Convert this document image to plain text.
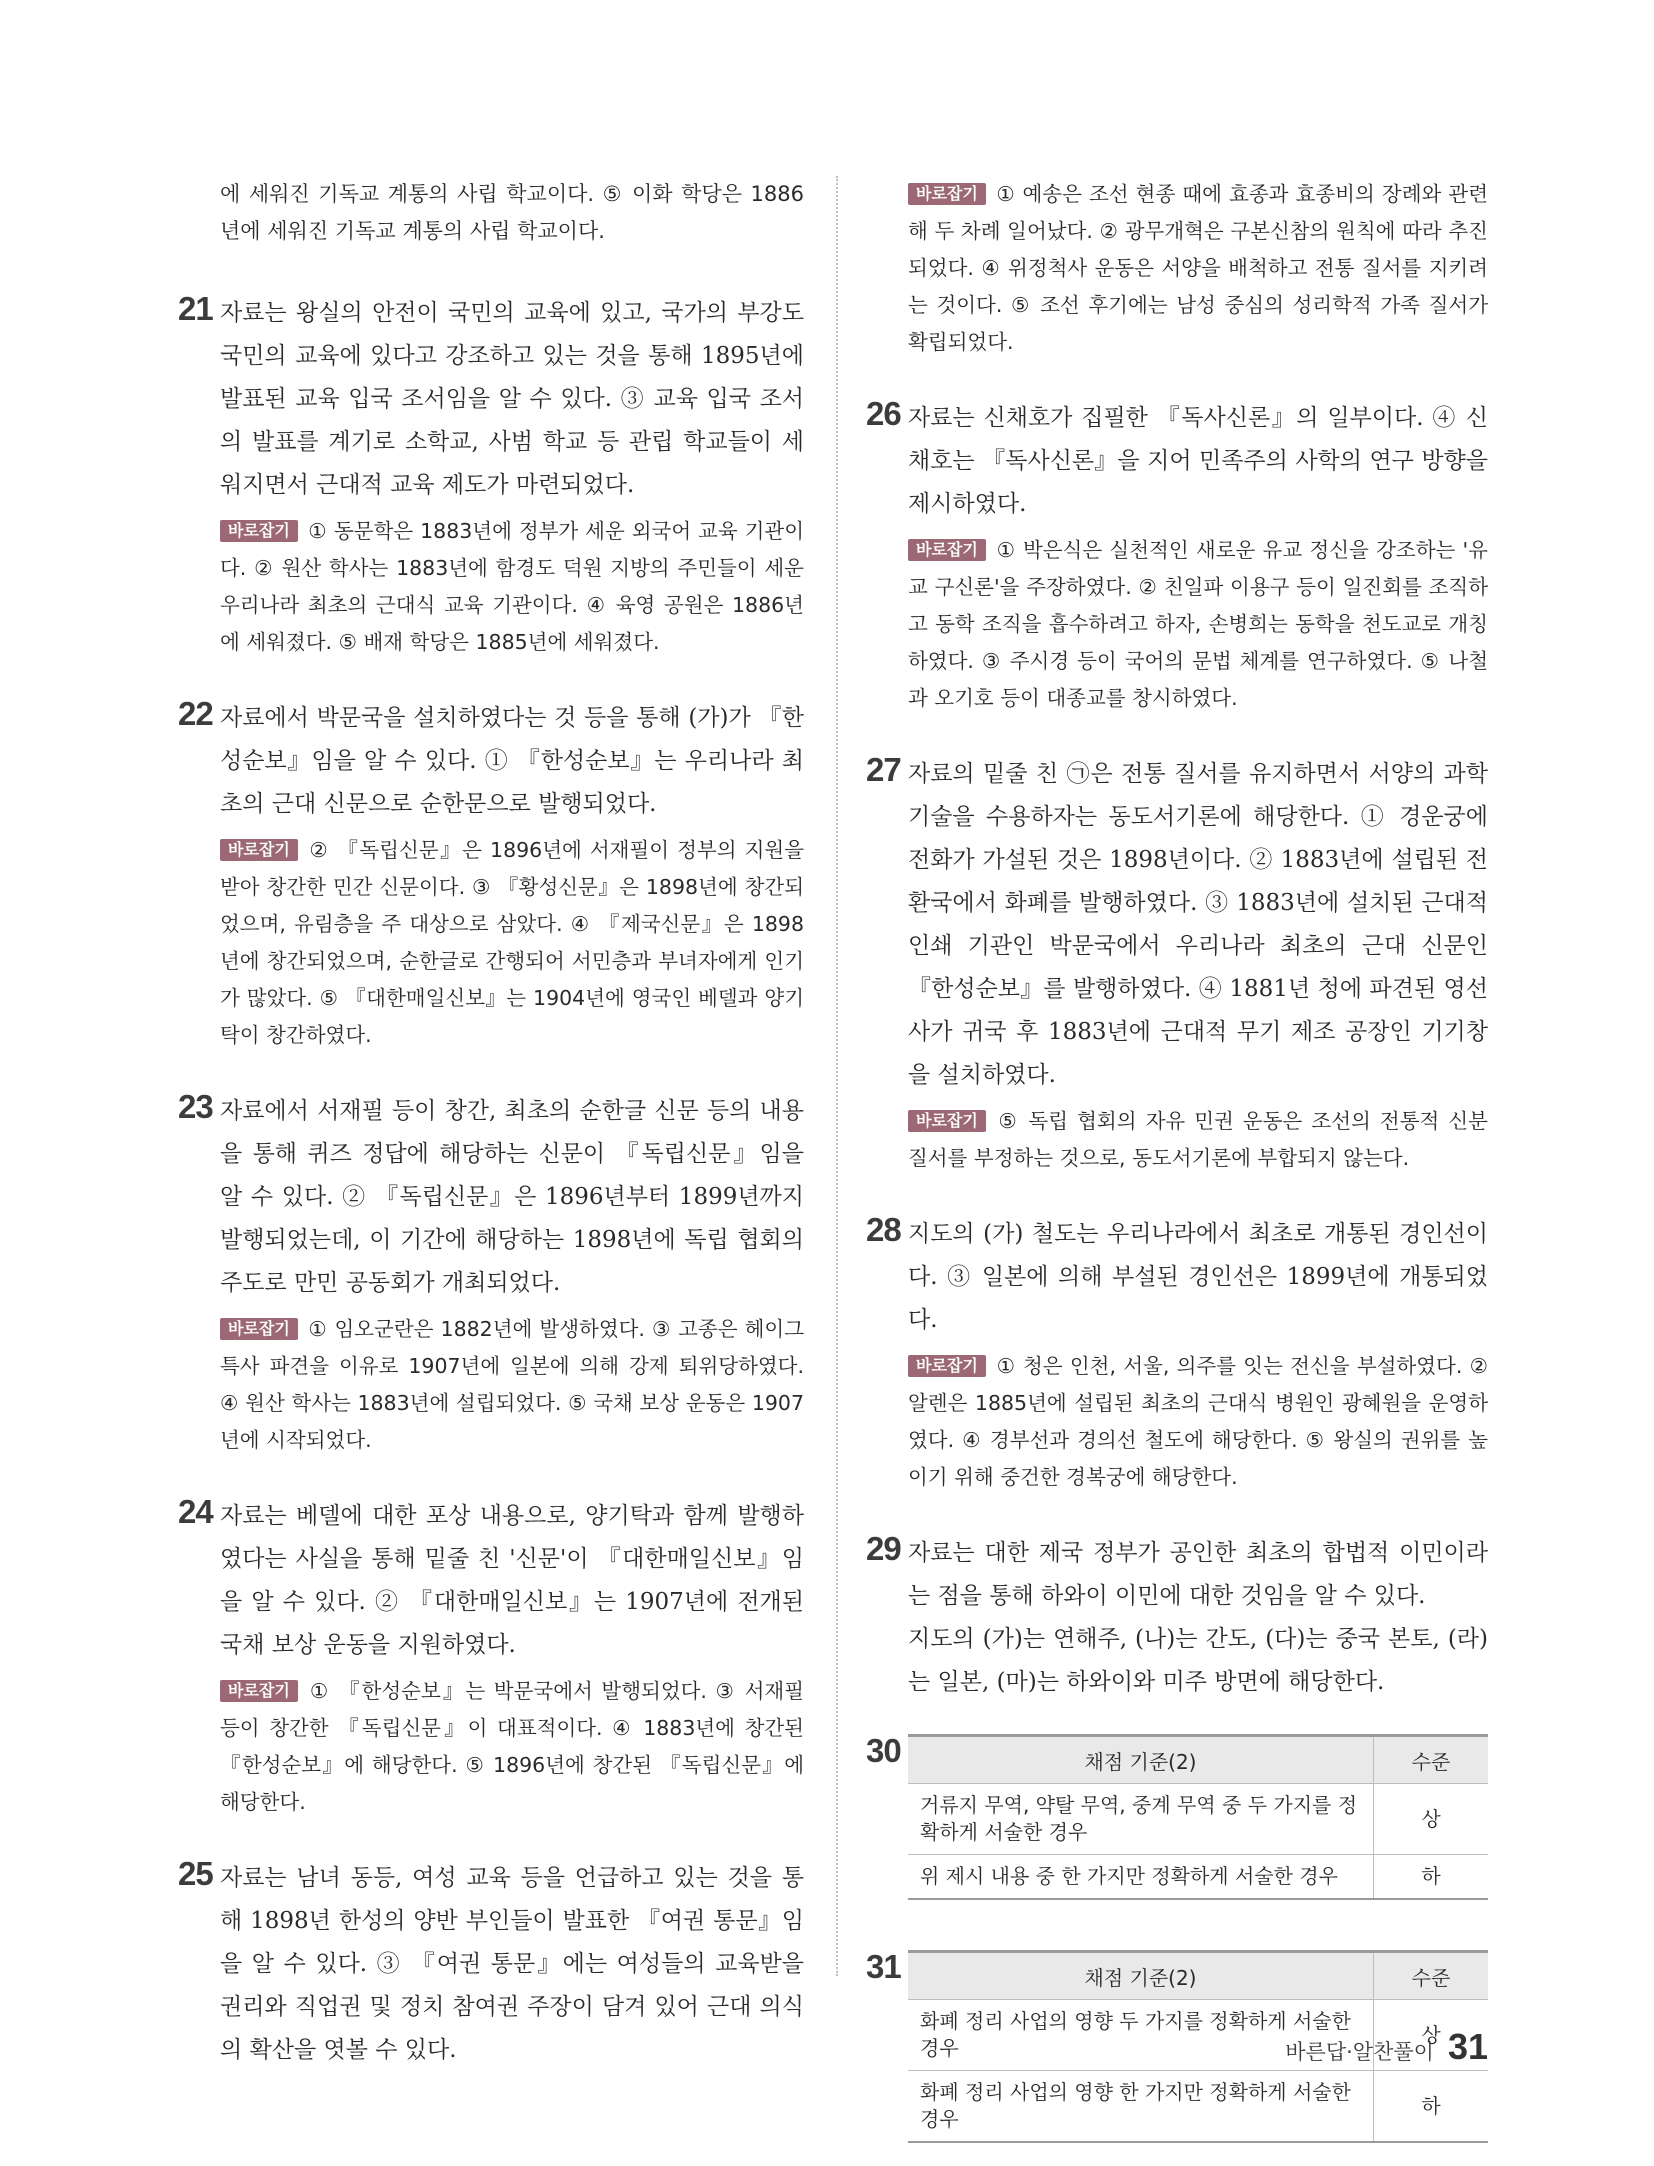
에 세워진 기독교 계통의 사립 학교이다. ⑤ 이화 학당은 1886년에 세워진 기독교 계통의 사립 학교이다.

21 자료는 왕실의 안전이 국민의 교육에 있고, 국가의 부강도 국민의 교육에 있다고 강조하고 있는 것을 통해 1895년에 발표된 교육 입국 조서임을 알 수 있다. ③ 교육 입국 조서의 발표를 계기로 소학교, 사범 학교 등 관립 학교들이 세워지면서 근대적 교육 제도가 마련되었다.

바로잡기 ① 동문학은 1883년에 정부가 세운 외국어 교육 기관이다. ② 원산 학사는 1883년에 함경도 덕원 지방의 주민들이 세운 우리나라 최초의 근대식 교육 기관이다. ④ 육영 공원은 1886년에 세워졌다. ⑤ 배재 학당은 1885년에 세워졌다.

22 자료에서 박문국을 설치하였다는 것 등을 통해 (가)가 『한성순보』임을 알 수 있다. ① 『한성순보』는 우리나라 최초의 근대 신문으로 순한문으로 발행되었다.

바로잡기 ② 『독립신문』은 1896년에 서재필이 정부의 지원을 받아 창간한 민간 신문이다. ③ 『황성신문』은 1898년에 창간되었으며, 유림층을 주 대상으로 삼았다. ④ 『제국신문』은 1898년에 창간되었으며, 순한글로 간행되어 서민층과 부녀자에게 인기가 많았다. ⑤ 『대한매일신보』는 1904년에 영국인 베델과 양기탁이 창간하였다.

23 자료에서 서재필 등이 창간, 최초의 순한글 신문 등의 내용을 통해 퀴즈 정답에 해당하는 신문이 『독립신문』임을 알 수 있다. ② 『독립신문』은 1896년부터 1899년까지 발행되었는데, 이 기간에 해당하는 1898년에 독립 협회의 주도로 만민 공동회가 개최되었다.

바로잡기 ① 임오군란은 1882년에 발생하였다. ③ 고종은 헤이그 특사 파견을 이유로 1907년에 일본에 의해 강제 퇴위당하였다. ④ 원산 학사는 1883년에 설립되었다. ⑤ 국채 보상 운동은 1907년에 시작되었다.

24 자료는 베델에 대한 포상 내용으로, 양기탁과 함께 발행하였다는 사실을 통해 밑줄 친 '신문'이 『대한매일신보』임을 알 수 있다. ② 『대한매일신보』는 1907년에 전개된 국채 보상 운동을 지원하였다.

바로잡기 ① 『한성순보』는 박문국에서 발행되었다. ③ 서재필 등이 창간한 『독립신문』이 대표적이다. ④ 1883년에 창간된 『한성순보』에 해당한다. ⑤ 1896년에 창간된 『독립신문』에 해당한다.

25 자료는 남녀 동등, 여성 교육 등을 언급하고 있는 것을 통해 1898년 한성의 양반 부인들이 발표한 『여권 통문』임을 알 수 있다. ③ 『여권 통문』에는 여성들의 교육받을 권리와 직업권 및 정치 참여권 주장이 담겨 있어 근대 의식의 확산을 엿볼 수 있다.

바로잡기 ① 예송은 조선 현종 때에 효종과 효종비의 장례와 관련해 두 차례 일어났다. ② 광무개혁은 구본신참의 원칙에 따라 추진되었다. ④ 위정척사 운동은 서양을 배척하고 전통 질서를 지키려는 것이다. ⑤ 조선 후기에는 남성 중심의 성리학적 가족 질서가 확립되었다.

26 자료는 신채호가 집필한 『독사신론』의 일부이다. ④ 신채호는 『독사신론』을 지어 민족주의 사학의 연구 방향을 제시하였다.

바로잡기 ① 박은식은 실천적인 새로운 유교 정신을 강조하는 '유교 구신론'을 주장하였다. ② 친일파 이용구 등이 일진회를 조직하고 동학 조직을 흡수하려고 하자, 손병희는 동학을 천도교로 개칭하였다. ③ 주시경 등이 국어의 문법 체계를 연구하였다. ⑤ 나철과 오기호 등이 대종교를 창시하였다.

27 자료의 밑줄 친 ㉠은 전통 질서를 유지하면서 서양의 과학 기술을 수용하자는 동도서기론에 해당한다. ① 경운궁에 전화가 가설된 것은 1898년이다. ② 1883년에 설립된 전환국에서 화폐를 발행하였다. ③ 1883년에 설치된 근대적 인쇄 기관인 박문국에서 우리나라 최초의 근대 신문인 『한성순보』를 발행하였다. ④ 1881년 청에 파견된 영선사가 귀국 후 1883년에 근대적 무기 제조 공장인 기기창을 설치하였다.

바로잡기 ⑤ 독립 협회의 자유 민권 운동은 조선의 전통적 신분 질서를 부정하는 것으로, 동도서기론에 부합되지 않는다.

28 지도의 (가) 철도는 우리나라에서 최초로 개통된 경인선이다. ③ 일본에 의해 부설된 경인선은 1899년에 개통되었다.

바로잡기 ① 청은 인천, 서울, 의주를 잇는 전신을 부설하였다. ② 알렌은 1885년에 설립된 최초의 근대식 병원인 광혜원을 운영하였다. ④ 경부선과 경의선 철도에 해당한다. ⑤ 왕실의 권위를 높이기 위해 중건한 경복궁에 해당한다.

29 자료는 대한 제국 정부가 공인한 최초의 합법적 이민이라는 점을 통해 하와이 이민에 대한 것임을 알 수 있다.

지도의 (가)는 연해주, (나)는 간도, (다)는 중국 본토, (라)는 일본, (마)는 하와이와 미주 방면에 해당한다.

30	채점 기준(2)	수준
거류지 무역, 약탈 무역, 중계 무역 중 두 가지를 정확하게 서술한 경우	상
위 제시 내용 중 한 가지만 정확하게 서술한 경우	하
31	채점 기준(2)	수준
화폐 정리 사업의 영향 두 가지를 정확하게 서술한 경우	상
화폐 정리 사업의 영향 한 가지만 정확하게 서술한 경우	하
바른답·알찬풀이 31
